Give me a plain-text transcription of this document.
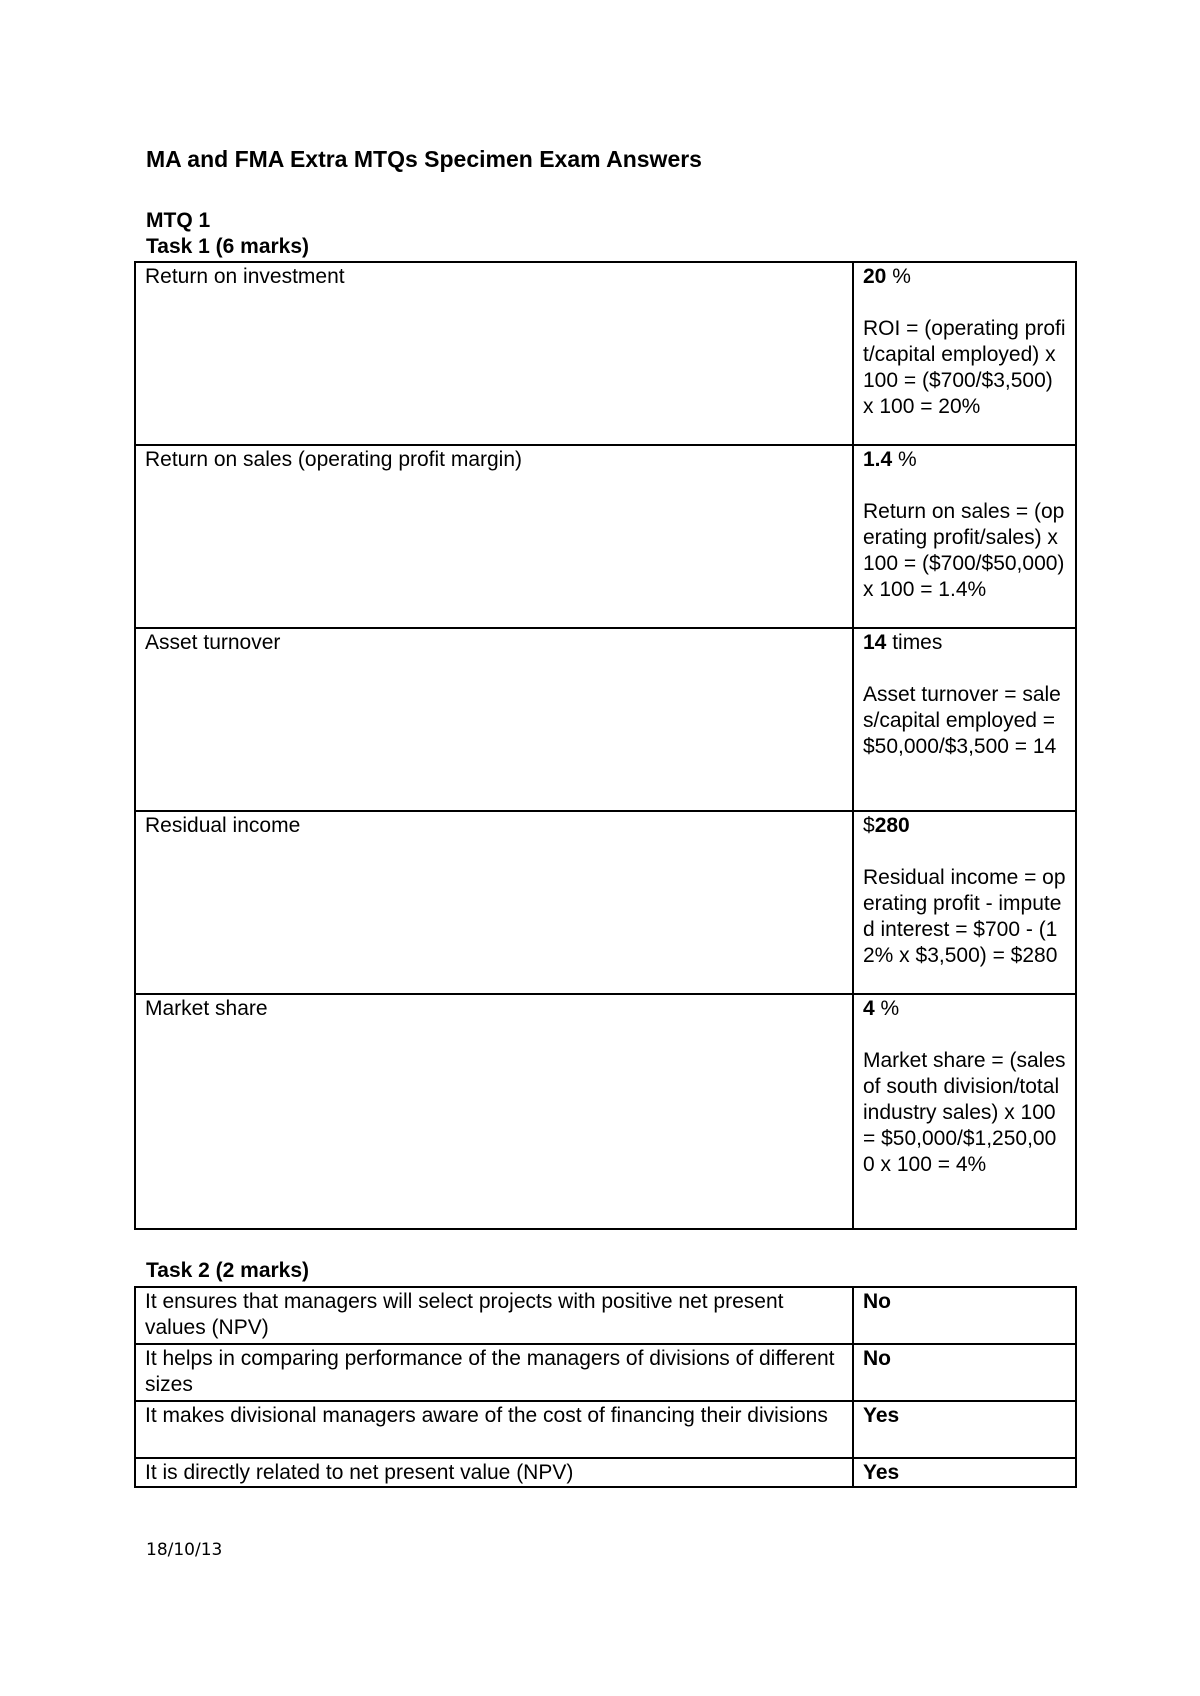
MA and FMA Extra MTQs Specimen Exam Answers
MTQ 1
Task 1 (6 marks)
Return on investment	20 %
ROI = (operating profit/capital employed) x 100 = ($700/$3,500) x 100 = 20%

Return on sales (operating profit margin)	1.4 %
Return on sales = (operating profit/sales) x 100 = ($700/$50,000) x 100 = 1.4%

Asset turnover	14 times
Asset turnover = sales/capital employed = $50,000/$3,500 = 14

Residual income	$280
Residual income = operating profit - imputed interest = $700 - (12% x $3,500) = $280

Market share	4 %
Market share = (sales of south division/total industry sales) x 100 = $50,000/$1,250,000 x 100 = 4%
Task 2 (2 marks)
It ensures that managers will select projects with positive net present values (NPV)	No
It helps in comparing performance of the managers of divisions of different sizes	No
It makes divisional managers aware of the cost of financing their divisions	Yes
It is directly related to net present value (NPV)	Yes

18/10/13
